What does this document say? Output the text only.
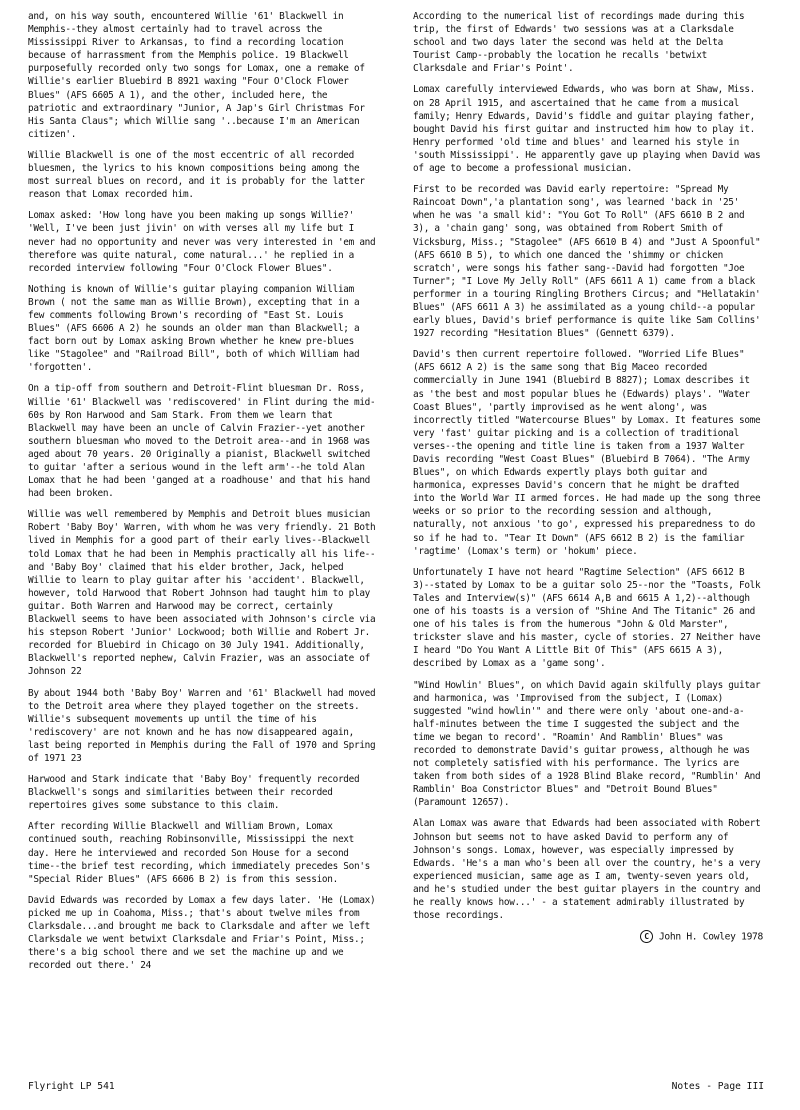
and, on his way south, encountered Willie '61' Blackwell in Memphis--they almost certainly had to travel across the Mississippi River to Arkansas, to find a recording location because of harrassment from the Memphis police. 19 Blackwell purposefully recorded only two songs for Lomax, one a remake of Willie's earlier Bluebird B 8921 waxing "Four O'Clock Flower Blues" (AFS 6605 A 1), and the other, included here, the patriotic and extraordinary "Junior, A Jap's Girl Christmas For His Santa Claus"; which Willie sang '..because I'm an American citizen'.

Willie Blackwell is one of the most eccentric of all recorded bluesmen, the lyrics to his known compositions being among the most surreal blues on record, and it is probably for the latter reason that Lomax recorded him.

Lomax asked: 'How long have you been making up songs Willie?' 'Well, I've been just jivin' on with verses all my life but I never had no opportunity and never was very interested in 'em and therefore was quite natural, come natural...' he replied in a recorded interview following "Four O'Clock Flower Blues".

Nothing is known of Willie's guitar playing companion William Brown ( not the same man as Willie Brown), excepting that in a few comments following Brown's recording of "East St. Louis Blues" (AFS 6606 A 2) he sounds an older man than Blackwell; a fact born out by Lomax asking Brown whether he knew pre-blues like "Stagolee" and "Railroad Bill", both of which William had 'forgotten'.

On a tip-off from southern and Detroit-Flint bluesman Dr. Ross, Willie '61' Blackwell was 'rediscovered' in Flint during the mid-60s by Ron Harwood and Sam Stark. From them we learn that Blackwell may have been an uncle of Calvin Frazier--yet another southern bluesman who moved to the Detroit area--and in 1968 was aged about 70 years. 20 Originally a pianist, Blackwell switched to guitar 'after a serious wound in the left arm'--he told Alan Lomax that he had been 'ganged at a roadhouse' and that his hand had been broken.

Willie was well remembered by Memphis and Detroit blues musician Robert 'Baby Boy' Warren, with whom he was very friendly. 21 Both lived in Memphis for a good part of their early lives--Blackwell told Lomax that he had been in Memphis practically all his life--and 'Baby Boy' claimed that his elder brother, Jack, helped Willie to learn to play guitar after his 'accident'. Blackwell, however, told Harwood that Robert Johnson had taught him to play guitar. Both Warren and Harwood may be correct, certainly Blackwell seems to have been associated with Johnson's circle via his stepson Robert 'Junior' Lockwood; both Willie and Robert Jr. recorded for Bluebird in Chicago on 30 July 1941. Additionally, Blackwell's reported nephew, Calvin Frazier, was an associate of Johnson 22

By about 1944 both 'Baby Boy' Warren and '61' Blackwell had moved to the Detroit area where they played together on the streets. Willie's subsequent movements up until the time of his 'rediscovery' are not known and he has now disappeared again, last being reported in Memphis during the Fall of 1970 and Spring of 1971 23

Harwood and Stark indicate that 'Baby Boy' frequently recorded Blackwell's songs and similarities between their recorded repertoires gives some substance to this claim.

After recording Willie Blackwell and William Brown, Lomax continued south, reaching Robinsonville, Mississippi the next day. Here he interviewed and recorded Son House for a second time--the brief test recording, which immediately precedes Son's "Special Rider Blues" (AFS 6606 B 2) is from this session.

David Edwards was recorded by Lomax a few days later. 'He (Lomax) picked me up in Coahoma, Miss.; that's about twelve miles from Clarksdale...and brought me back to Clarksdale and after we left Clarksdale we went betwixt Clarksdale and Friar's Point, Miss.; there's a big school there and we set the machine up and we recorded out there.' 24

According to the numerical list of recordings made during this trip, the first of Edwards' two sessions was at a Clarksdale school and two days later the second was held at the Delta Tourist Camp--probably the location he recalls 'betwixt Clarksdale and Friar's Point'.

Lomax carefully interviewed Edwards, who was born at Shaw, Miss. on 28 April 1915, and ascertained that he came from a musical family; Henry Edwards, David's fiddle and guitar playing father, bought David his first guitar and instructed him how to play it. Henry performed 'old time and blues' and learned his style in 'south Mississippi'. He apparently gave up playing when David was of age to become a professional musician.

First to be recorded was David early repertoire: "Spread My Raincoat Down",'a plantation song', was learned 'back in '25' when he was 'a small kid': "You Got To Roll" (AFS 6610 B 2 and 3), a 'chain gang' song, was obtained from Robert Smith of Vicksburg, Miss.; "Stagolee" (AFS 6610 B 4) and "Just A Spoonful" (AFS 6610 B 5), to which one danced the 'shimmy or chicken scratch', were songs his father sang--David had forgotten "Joe Turner"; "I Love My Jelly Roll" (AFS 6611 A 1) came from a black performer in a touring Ringling Brothers Circus; and "Hellatakin' Blues" (AFS 6611 A 3) he assimilated as a young child--a popular early blues, David's brief performance is quite like Sam Collins' 1927 recording "Hesitation Blues" (Gennett 6379).

David's then current repertoire followed. "Worried Life Blues" (AFS 6612 A 2) is the same song that Big Maceo recorded commercially in June 1941 (Bluebird B 8827); Lomax describes it as 'the best and most popular blues he (Edwards) plays'. "Water Coast Blues", 'partly improvised as he went along', was incorrectly titled "Watercourse Blues" by Lomax. It features some very 'fast' guitar picking and is a collection of traditional verses--the opening and title line is taken from a 1937 Walter Davis recording "West Coast Blues" (Bluebird B 7064). "The Army Blues", on which Edwards expertly plays both guitar and harmonica, expresses David's concern that he might be drafted into the World War II armed forces. He had made up the song three weeks or so prior to the recording session and although, naturally, not anxious 'to go', expressed his preparedness to do so if he had to. "Tear It Down" (AFS 6612 B 2) is the familiar 'ragtime' (Lomax's term) or 'hokum' piece.

Unfortunately I have not heard "Ragtime Selection" (AFS 6612 B 3)--stated by Lomax to be a guitar solo 25--nor the "Toasts, Folk Tales and Interview(s)" (AFS 6614 A,B and 6615 A 1,2)--although one of his toasts is a version of "Shine And The Titanic" 26 and one of his tales is from the humerous "John & Old Marster", trickster slave and his master, cycle of stories. 27 Neither have I heard "Do You Want A Little Bit Of This" (AFS 6615 A 3), described by Lomax as a 'game song'.

"Wind Howlin' Blues", on which David again skilfully plays guitar and harmonica, was 'Improvised from the subject, I (Lomax) suggested "wind howlin'" and there were only 'about one-and-a-half-minutes between the time I suggested the subject and the time we began to record'. "Roamin' And Ramblin' Blues" was recorded to demonstrate David's guitar prowess, although he was not completely satisfied with his performance. The lyrics are taken from both sides of a 1928 Blind Blake record, "Rumblin' And Ramblin' Boa Constrictor Blues" and "Detroit Bound Blues" (Paramount 12657).

Alan Lomax was aware that Edwards had been associated with Robert Johnson but seems not to have asked David to perform any of Johnson's songs. Lomax, however, was especially impressed by Edwards. 'He's a man who's been all over the country, he's a very experienced musician, same age as I am, twenty-seven years old, and he's studied under the best guitar players in the country and he really knows how...' - a statement admirably illustrated by those recordings.

C John H. Cowley 1978
Flyright LP 541	Notes - Page III
